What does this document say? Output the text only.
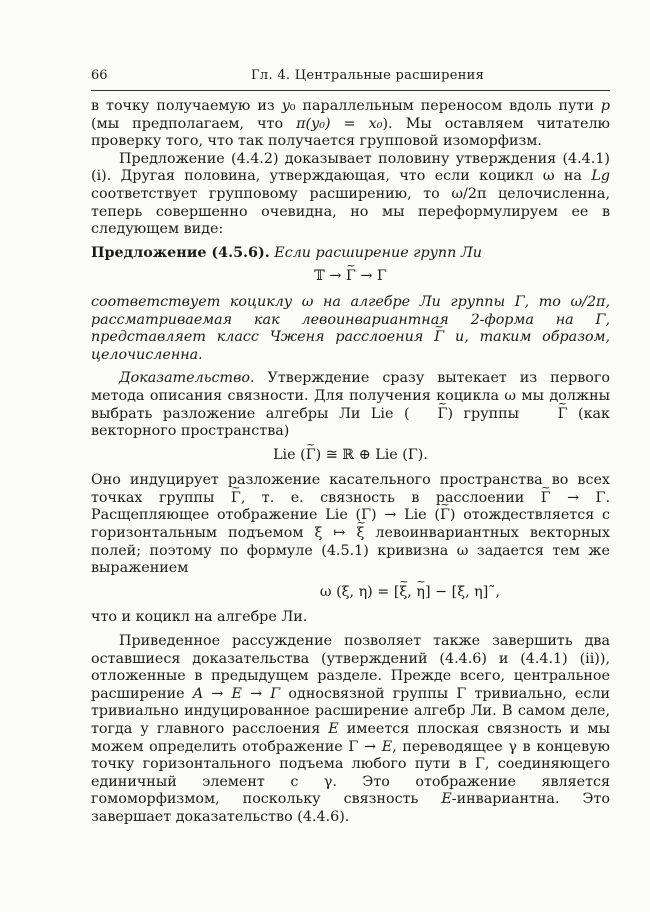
66	Гл. 4. Центральные расширения

в точку получаемую из y₀ параллельным переносом вдоль пути p (мы предполагаем, что π(y₀) = x₀). Мы оставляем читателю проверку того, что так получается групповой изоморфизм.

Предложение (4.4.2) доказывает половину утверждения (4.4.1) (i). Другая половина, утверждающая, что если коцикл ω на Lg соответствует групповому расширению, то ω/2π целочисленна, теперь совершенно очевидна, но мы переформулируем ее в следующем виде:

Предложение (4.5.6). Если расширение групп Ли

𝕋 → ~ Γ → Γ

соответствует коциклу ω на алгебре Ли группы Γ, то ω/2π, рассматриваемая как левоинвариантная 2-форма на Γ, представляет класс Чженя расслоения ~ Γ и, таким образом, целочисленна.

Доказательство. Утверждение сразу вытекает из первого метода описания связности. Для получения коцикла ω мы должны выбрать разложение алгебры Ли Lie ( ~ Γ) группы ~ Γ (как векторного пространства)

Lie (~ Γ) ≅ ℝ ⊕ Lie (Γ).

Оно индуцирует разложение касательного пространства во всех точках группы ~ Γ, т. е. связность в расслоении ~ Γ → Γ. Расщепляющее отображение Lie (Γ) → Lie (~ Γ) отождествляется с горизонтальным подъемом ξ ↦ ~ ξ левоинвариантных векторных полей; поэтому по формуле (4.5.1) кривизна ω задается тем же выражением

ω (ξ, η) = [~ ξ, ~ η] − [ξ, η]˜,

что и коцикл на алгебре Ли.

Приведенное рассуждение позволяет также завершить два оставшиеся доказательства (утверждений (4.4.6) и (4.4.1) (ii)), отложенные в предыдущем разделе. Прежде всего, центральное расширение A → E → Γ односвязной группы Γ тривиально, если тривиально индуцированное расширение алгебр Ли. В самом деле, тогда у главного расслоения E имеется плоская связность и мы можем определить отображение Γ → E, переводящее γ в концевую точку горизонтального подъема любого пути в Γ, соединяющего единичный элемент с γ. Это отображение является гомоморфизмом, поскольку связность E-инвариантна. Это завершает доказательство (4.4.6).
